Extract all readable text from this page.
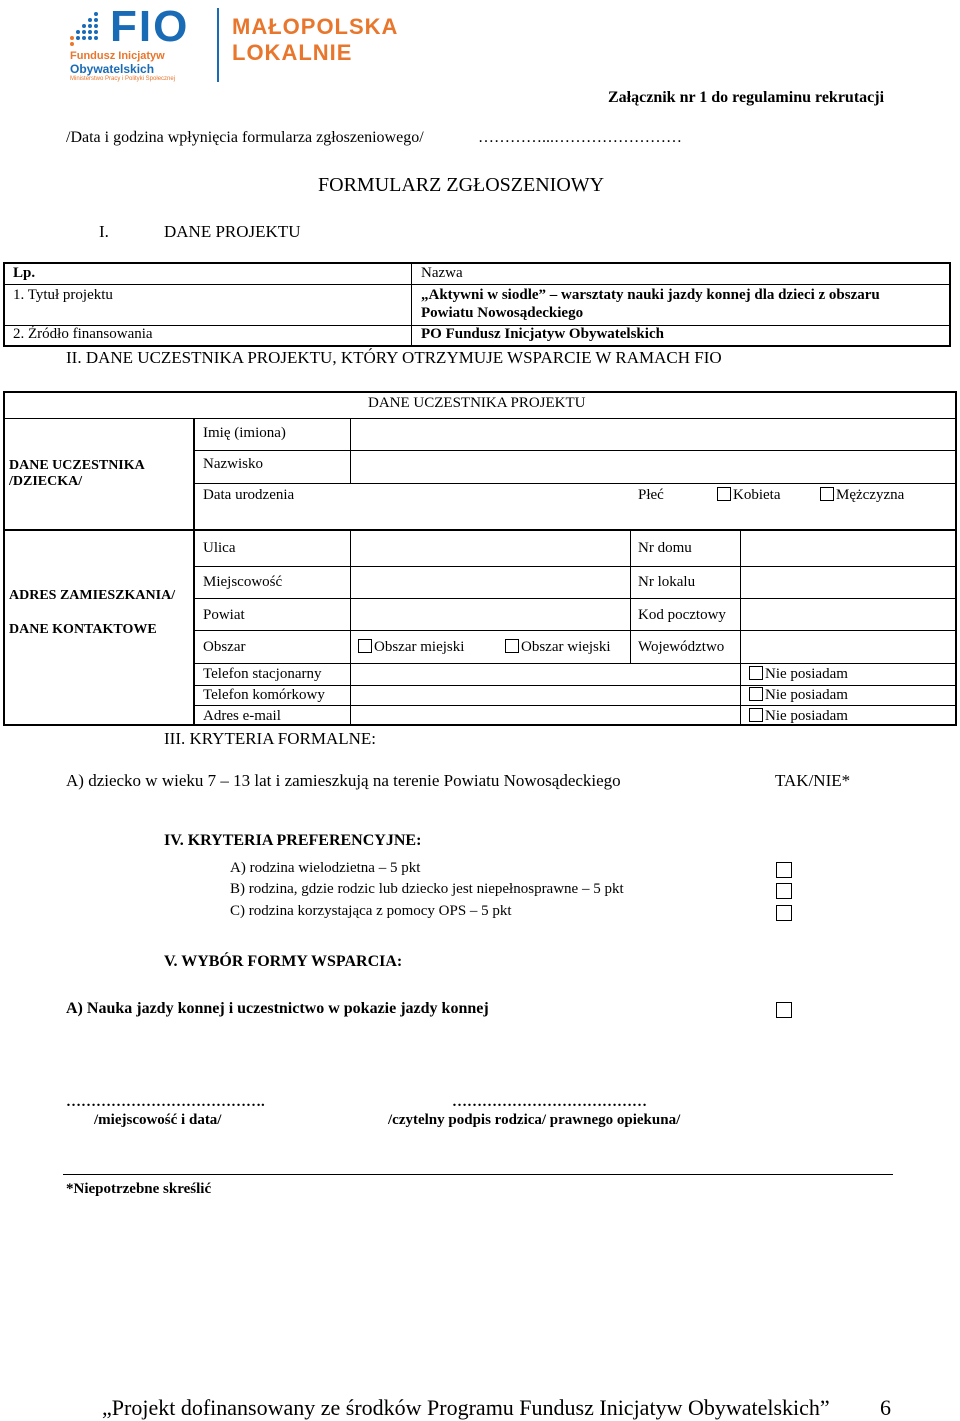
FIO
Fundusz Inicjatyw
Obywatelskich
Ministerstwo Pracy i Polityki Społecznej
MAŁOPOLSKA
LOKALNIE
Załącznik nr 1 do regulaminu rekrutacji
/Data i godzina wpłynięcia formularza zgłoszeniowego/	…………...……………………
FORMULARZ ZGŁOSZENIOWY
I.	DANE PROJEKTU
Lp.	Nazwa
1. Tytuł projektu	„Aktywni w siodle” – warsztaty nauki jazdy konnej dla dzieci z obszaru
Powiatu Nowosądeckiego
2. Źródło finansowania	PO Fundusz Inicjatyw Obywatelskich
II. DANE UCZESTNIKA PROJEKTU, KTÓRY OTRZYMUJE WSPARCIE W RAMACH FIO
DANE UCZESTNIKA PROJEKTU
DANE UCZESTNIKA
/DZIECKA/
Imię (imiona)
Nazwisko
Data urodzenia	Płeć	Kobieta	Mężczyzna
ADRES ZAMIESZKANIA/
DANE KONTAKTOWE
Ulica	Nr domu
Miejscowość	Nr lokalu
Powiat	Kod pocztowy
Obszar	Obszar miejski	Obszar wiejski Województwo
Telefon stacjonarny	Nie posiadam
Telefon komórkowy	Nie posiadam
Adres e-mail	Nie posiadam
III. KRYTERIA FORMALNE:
A) dziecko w wieku 7 – 13 lat i zamieszkują na terenie Powiatu Nowosądeckiego	TAK/NIE*
IV. KRYTERIA PREFERENCYJNE:
A) rodzina wielodzietna – 5 pkt
B) rodzina, gdzie rodzic lub dziecko jest niepełnosprawne – 5 pkt
C) rodzina korzystająca z pomocy OPS – 5 pkt
V. WYBÓR FORMY WSPARCIA:
A) Nauka jazdy konnej i uczestnictwo w pokazie jazdy konnej
………………………………….	…………………………………
/miejscowość i data/	/czytelny podpis rodzica/ prawnego opiekuna/
*Niepotrzebne skreślić
„Projekt dofinansowany ze środków Programu Fundusz Inicjatyw Obywatelskich” 6
